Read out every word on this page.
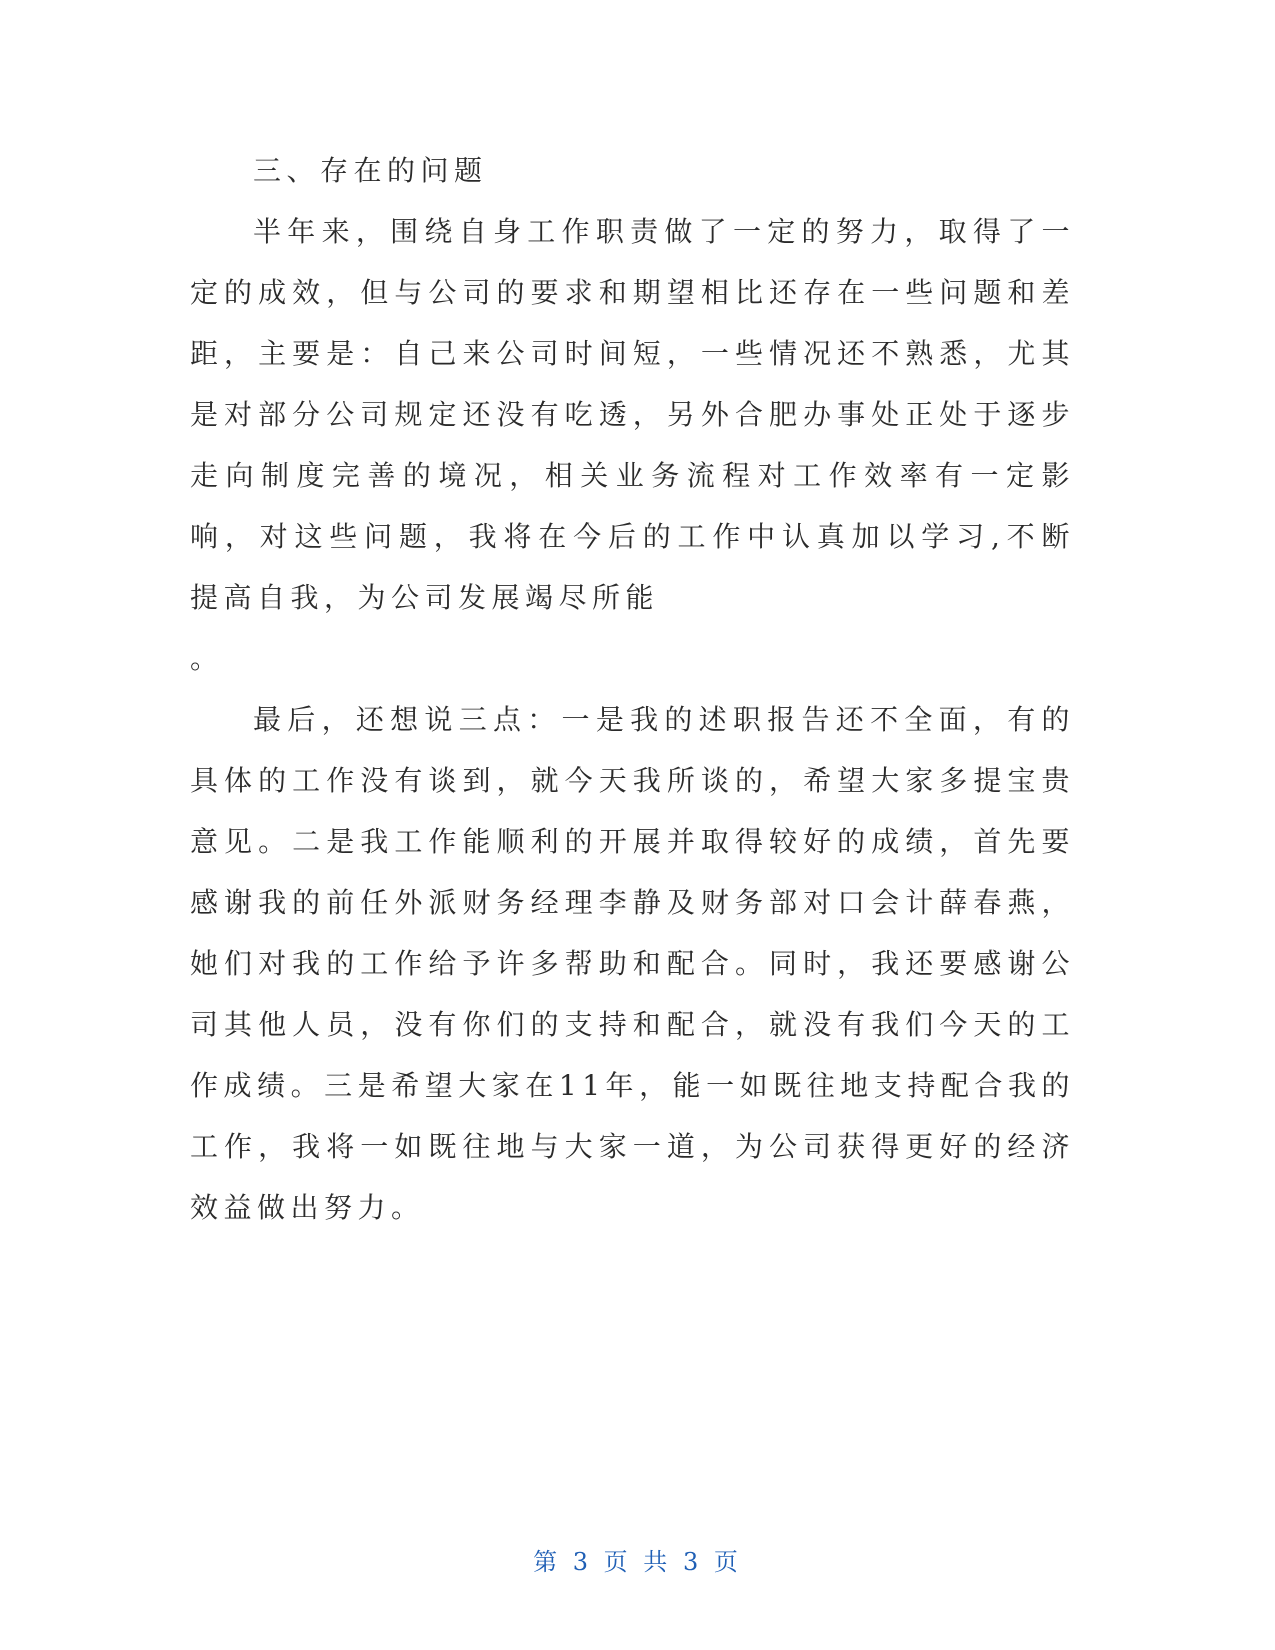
三、存在的问题

半年来，围绕自身工作职责做了一定的努力，取得了一定的成效，但与公司的要求和期望相比还存在一些问题和差距，主要是：自己来公司时间短，一些情况还不熟悉，尤其是对部分公司规定还没有吃透，另外合肥办事处正处于逐步走向制度完善的境况，相关业务流程对工作效率有一定影响，对这些问题，我将在今后的工作中认真加以学习,不断提高自我，为公司发展竭尽所能

。

最后，还想说三点：一是我的述职报告还不全面，有的具体的工作没有谈到，就今天我所谈的，希望大家多提宝贵意见。二是我工作能顺利的开展并取得较好的成绩，首先要感谢我的前任外派财务经理李静及财务部对口会计薛春燕，她们对我的工作给予许多帮助和配合。同时，我还要感谢公司其他人员，没有你们的支持和配合，就没有我们今天的工作成绩。三是希望大家在11年，能一如既往地支持配合我的工作，我将一如既往地与大家一道，为公司获得更好的经济效益做出努力。

第 3 页 共 3 页
